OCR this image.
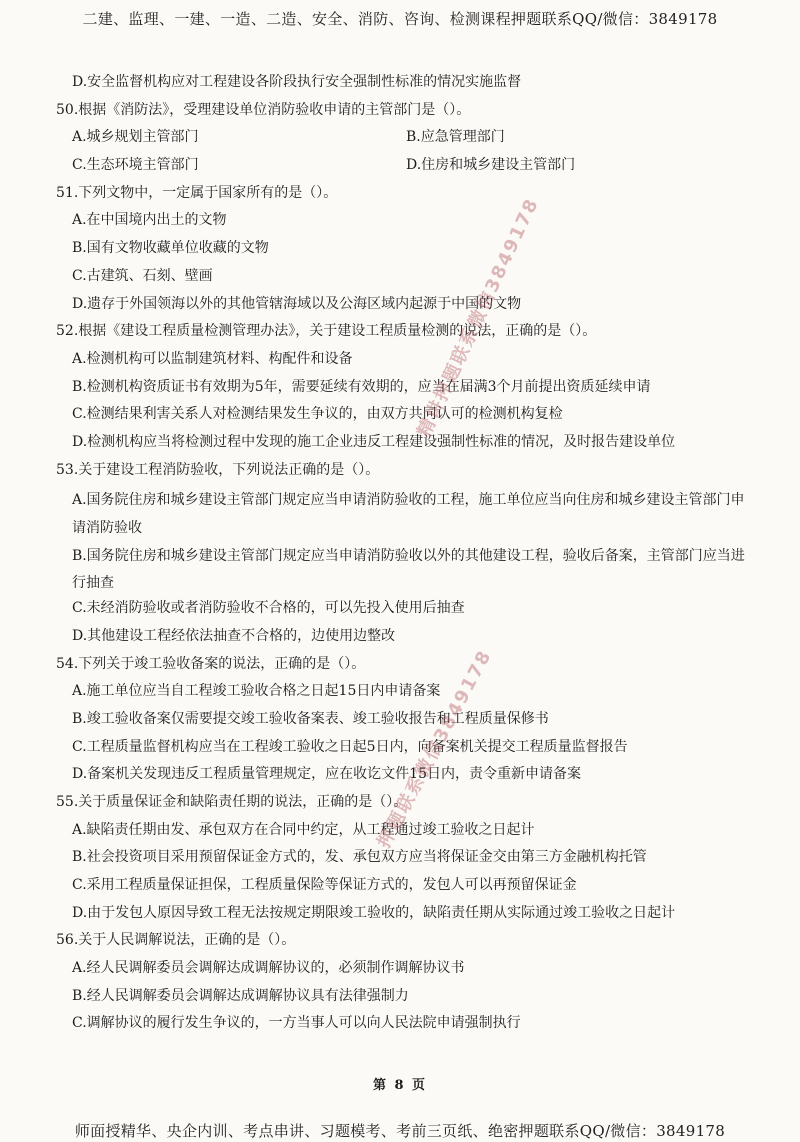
二建、监理、一建、一造、二造、安全、消防、咨询、检测课程押题联系QQ/微信：3849178
D.安全监督机构应对工程建设各阶段执行安全强制性标准的情况实施监督
50.根据《消防法》，受理建设单位消防验收申请的主管部门是（）。
A.城乡规划主管部门	B.应急管理部门
C.生态环境主管部门	D.住房和城乡建设主管部门
51.下列文物中，一定属于国家所有的是（）。
A.在中国境内出土的文物
B.国有文物收藏单位收藏的文物
C.古建筑、石刻、壁画
D.遗存于外国领海以外的其他管辖海域以及公海区域内起源于中国的文物
52.根据《建设工程质量检测管理办法》，关于建设工程质量检测的说法，正确的是（）。
A.检测机构可以监制建筑材料、构配件和设备
B.检测机构资质证书有效期为5年，需要延续有效期的，应当在届满3个月前提出资质延续申请
C.检测结果利害关系人对检测结果发生争议的，由双方共同认可的检测机构复检
D.检测机构应当将检测过程中发现的施工企业违反工程建设强制性标准的情况，及时报告建设单位
53.关于建设工程消防验收，下列说法正确的是（）。
A.国务院住房和城乡建设主管部门规定应当申请消防验收的工程，施工单位应当向住房和城乡建设主管部门申请消防验收
B.国务院住房和城乡建设主管部门规定应当申请消防验收以外的其他建设工程，验收后备案，主管部门应当进行抽查
C.未经消防验收或者消防验收不合格的，可以先投入使用后抽查
D.其他建设工程经依法抽查不合格的，边使用边整改
54.下列关于竣工验收备案的说法，正确的是（）。
A.施工单位应当自工程竣工验收合格之日起15日内申请备案
B.竣工验收备案仅需要提交竣工验收备案表、竣工验收报告和工程质量保修书
C.工程质量监督机构应当在工程竣工验收之日起5日内，向备案机关提交工程质量监督报告
D.备案机关发现违反工程质量管理规定，应在收讫文件15日内，责令重新申请备案
55.关于质量保证金和缺陷责任期的说法，正确的是（）。
A.缺陷责任期由发、承包双方在合同中约定，从工程通过竣工验收之日起计
B.社会投资项目采用预留保证金方式的，发、承包双方应当将保证金交由第三方金融机构托管
C.采用工程质量保证担保，工程质量保险等保证方式的，发包人可以再预留保证金
D.由于发包人原因导致工程无法按规定期限竣工验收的，缺陷责任期从实际通过竣工验收之日起计
56.关于人民调解说法，正确的是（）。
A.经人民调解委员会调解达成调解协议的，必须制作调解协议书
B.经人民调解委员会调解达成调解协议具有法律强制力
C.调解协议的履行发生争议的，一方当事人可以向人民法院申请强制执行
精讲押题联系微信3849178
押题联系微信3849178
第 8 页
师面授精华、央企内训、考点串讲、习题模考、考前三页纸、绝密押题联系QQ/微信：3849178
